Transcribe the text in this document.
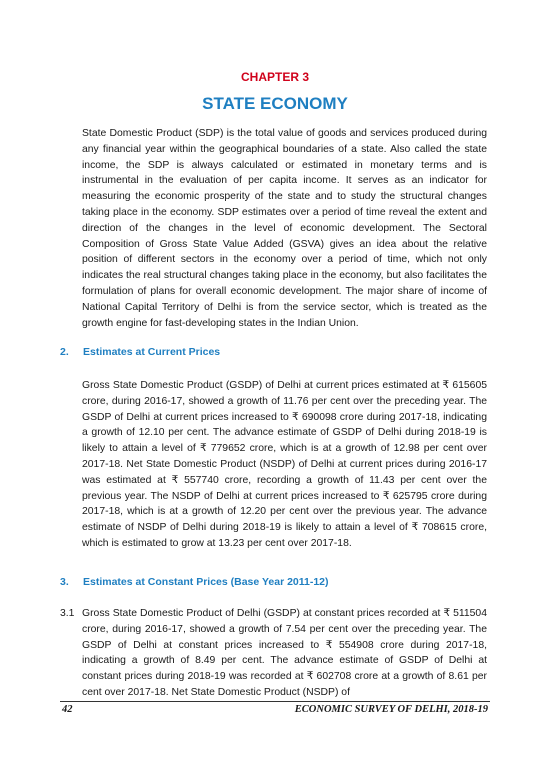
CHAPTER 3
STATE ECONOMY

State Domestic Product (SDP) is the total value of goods and services produced during any financial year within the geographical boundaries of a state. Also called the state income, the SDP is always calculated or estimated in monetary terms and is instrumental in the evaluation of per capita income. It serves as an indicator for measuring the economic prosperity of the state and to study the structural changes taking place in the economy. SDP estimates over a period of time reveal the extent and direction of the changes in the level of economic development. The Sectoral Composition of Gross State Value Added (GSVA) gives an idea about the relative position of different sectors in the economy over a period of time, which not only indicates the real structural changes taking place in the economy, but also facilitates the formulation of plans for overall economic development. The major share of income of National Capital Territory of Delhi is from the service sector, which is treated as the growth engine for fast-developing states in the Indian Union.

2. Estimates at Current Prices

Gross State Domestic Product (GSDP) of Delhi at current prices estimated at ₹ 615605 crore, during 2016-17, showed a growth of 11.76 per cent over the preceding year. The GSDP of Delhi at current prices increased to ₹ 690098 crore during 2017-18, indicating a growth of 12.10 per cent. The advance estimate of GSDP of Delhi during 2018-19 is likely to attain a level of ₹ 779652 crore, which is at a growth of 12.98 per cent over 2017-18. Net State Domestic Product (NSDP) of Delhi at current prices during 2016-17 was estimated at ₹ 557740 crore, recording a growth of 11.43 per cent over the previous year. The NSDP of Delhi at current prices increased to ₹ 625795 crore during 2017-18, which is at a growth of 12.20 per cent over the previous year. The advance estimate of NSDP of Delhi during 2018-19 is likely to attain a level of ₹ 708615 crore, which is estimated to grow at 13.23 per cent over 2017-18.

3. Estimates at Constant Prices (Base Year 2011-12)
3.1 Gross State Domestic Product of Delhi (GSDP) at constant prices recorded at ₹ 511504 crore, during 2016-17, showed a growth of 7.54 per cent over the preceding year. The GSDP of Delhi at constant prices increased to ₹ 554908 crore during 2017-18, indicating a growth of 8.49 per cent. The advance estimate of GSDP of Delhi at constant prices during 2018-19 was recorded at ₹ 602708 crore at a growth of 8.61 per cent over 2017-18. Net State Domestic Product (NSDP) of

42	ECONOMIC SURVEY OF DELHI, 2018-19
